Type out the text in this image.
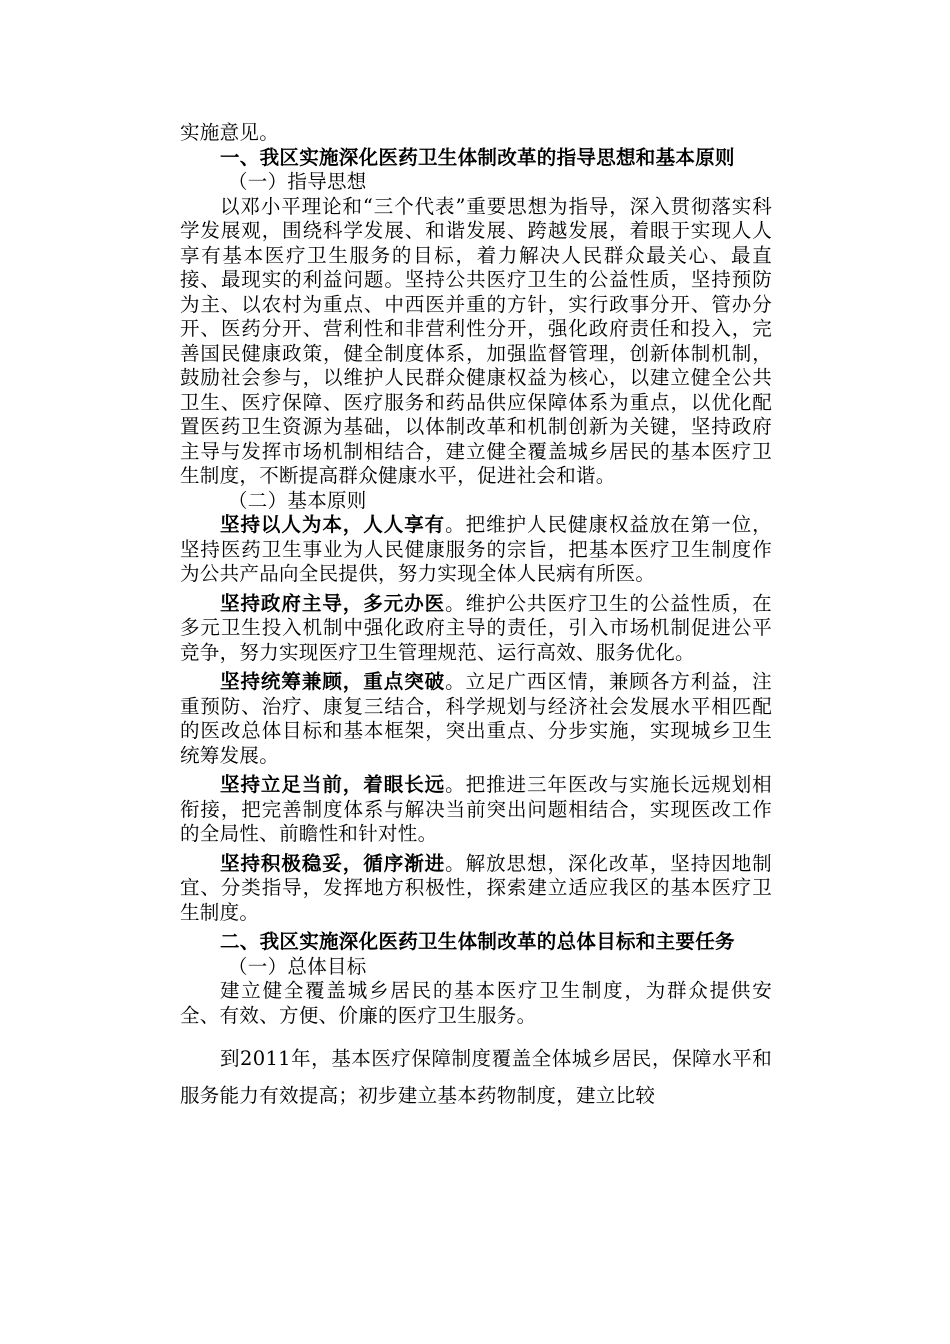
实施意见。

一、我区实施深化医药卫生体制改革的指导思想和基本原则

（一）指导思想

以邓小平理论和“三个代表”重要思想为指导，深入贯彻落实科学发展观，围绕科学发展、和谐发展、跨越发展，着眼于实现人人享有基本医疗卫生服务的目标，着力解决人民群众最关心、最直接、最现实的利益问题。坚持公共医疗卫生的公益性质，坚持预防为主、以农村为重点、中西医并重的方针，实行政事分开、管办分开、医药分开、营利性和非营利性分开，强化政府责任和投入，完善国民健康政策，健全制度体系，加强监督管理，创新体制机制，鼓励社会参与，以维护人民群众健康权益为核心，以建立健全公共卫生、医疗保障、医疗服务和药品供应保障体系为重点，以优化配置医药卫生资源为基础，以体制改革和机制创新为关键，坚持政府主导与发挥市场机制相结合，建立健全覆盖城乡居民的基本医疗卫生制度，不断提高群众健康水平，促进社会和谐。

（二）基本原则

坚持以人为本，人人享有。把维护人民健康权益放在第一位，坚持医药卫生事业为人民健康服务的宗旨，把基本医疗卫生制度作为公共产品向全民提供，努力实现全体人民病有所医。

坚持政府主导，多元办医。维护公共医疗卫生的公益性质，在多元卫生投入机制中强化政府主导的责任，引入市场机制促进公平竞争，努力实现医疗卫生管理规范、运行高效、服务优化。

坚持统筹兼顾，重点突破。立足广西区情，兼顾各方利益，注重预防、治疗、康复三结合，科学规划与经济社会发展水平相匹配的医改总体目标和基本框架，突出重点、分步实施，实现城乡卫生统筹发展。

坚持立足当前，着眼长远。把推进三年医改与实施长远规划相衔接，把完善制度体系与解决当前突出问题相结合，实现医改工作的全局性、前瞻性和针对性。

坚持积极稳妥，循序渐进。解放思想，深化改革，坚持因地制宜、分类指导，发挥地方积极性，探索建立适应我区的基本医疗卫生制度。

二、我区实施深化医药卫生体制改革的总体目标和主要任务

（一）总体目标

建立健全覆盖城乡居民的基本医疗卫生制度，为群众提供安全、有效、方便、价廉的医疗卫生服务。

到2011年，基本医疗保障制度覆盖全体城乡居民，保障水平和服务能力有效提高；初步建立基本药物制度，建立比较
